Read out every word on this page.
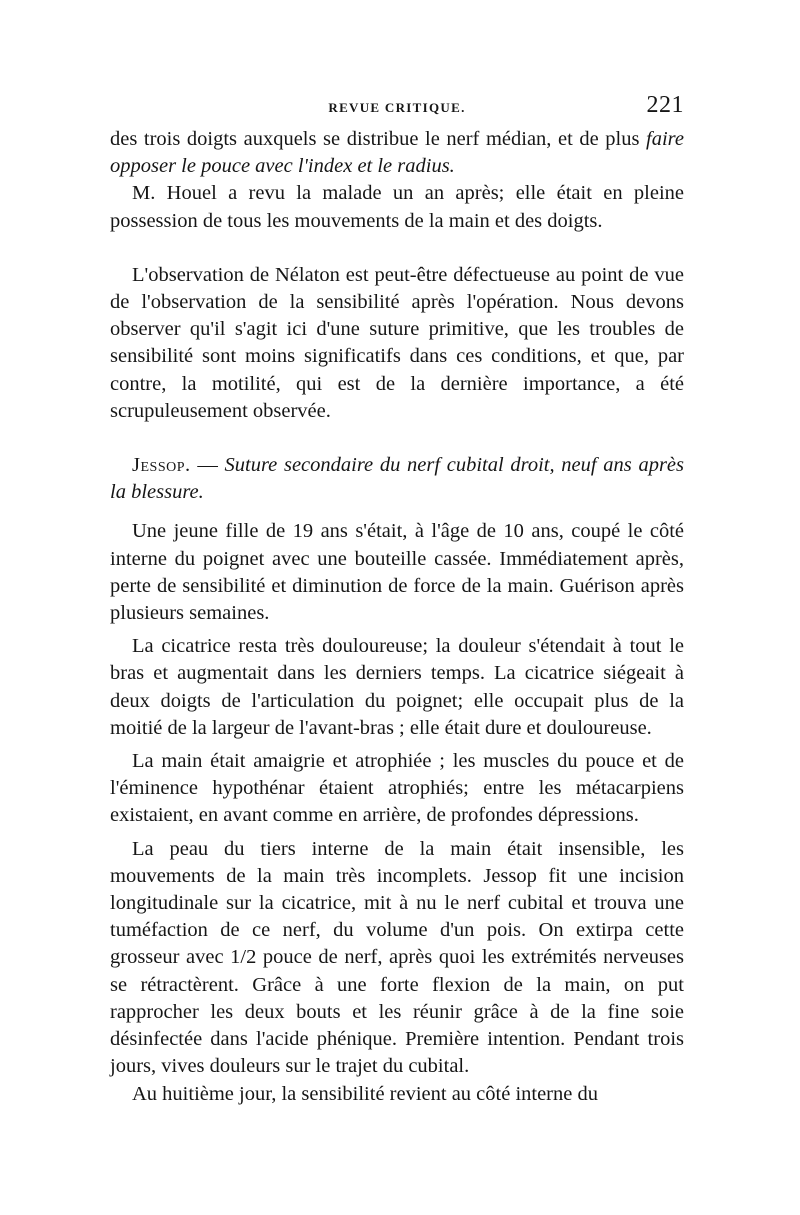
REVUE CRITIQUE.	221

des trois doigts auxquels se distribue le nerf médian, et de plus faire opposer le pouce avec l'index et le radius.

M. Houel a revu la malade un an après; elle était en pleine possession de tous les mouvements de la main et des doigts.

L'observation de Nélaton est peut-être défectueuse au point de vue de l'observation de la sensibilité après l'opération. Nous devons observer qu'il s'agit ici d'une suture primitive, que les troubles de sensibilité sont moins significatifs dans ces conditions, et que, par contre, la motilité, qui est de la dernière importance, a été scrupuleusement observée.

Jessop. — Suture secondaire du nerf cubital droit, neuf ans après la blessure.

Une jeune fille de 19 ans s'était, à l'âge de 10 ans, coupé le côté interne du poignet avec une bouteille cassée. Immédiatement après, perte de sensibilité et diminution de force de la main. Guérison après plusieurs semaines.

La cicatrice resta très douloureuse; la douleur s'étendait à tout le bras et augmentait dans les derniers temps. La cicatrice siégeait à deux doigts de l'articulation du poignet; elle occupait plus de la moitié de la largeur de l'avant-bras ; elle était dure et douloureuse.

La main était amaigrie et atrophiée ; les muscles du pouce et de l'éminence hypothénar étaient atrophiés; entre les métacarpiens existaient, en avant comme en arrière, de profondes dépressions.

La peau du tiers interne de la main était insensible, les mouvements de la main très incomplets. Jessop fit une incision longitudinale sur la cicatrice, mit à nu le nerf cubital et trouva une tuméfaction de ce nerf, du volume d'un pois. On extirpa cette grosseur avec 1/2 pouce de nerf, après quoi les extrémités nerveuses se rétractèrent. Grâce à une forte flexion de la main, on put rapprocher les deux bouts et les réunir grâce à de la fine soie désinfectée dans l'acide phénique. Première intention. Pendant trois jours, vives douleurs sur le trajet du cubital.

Au huitième jour, la sensibilité revient au côté interne du
